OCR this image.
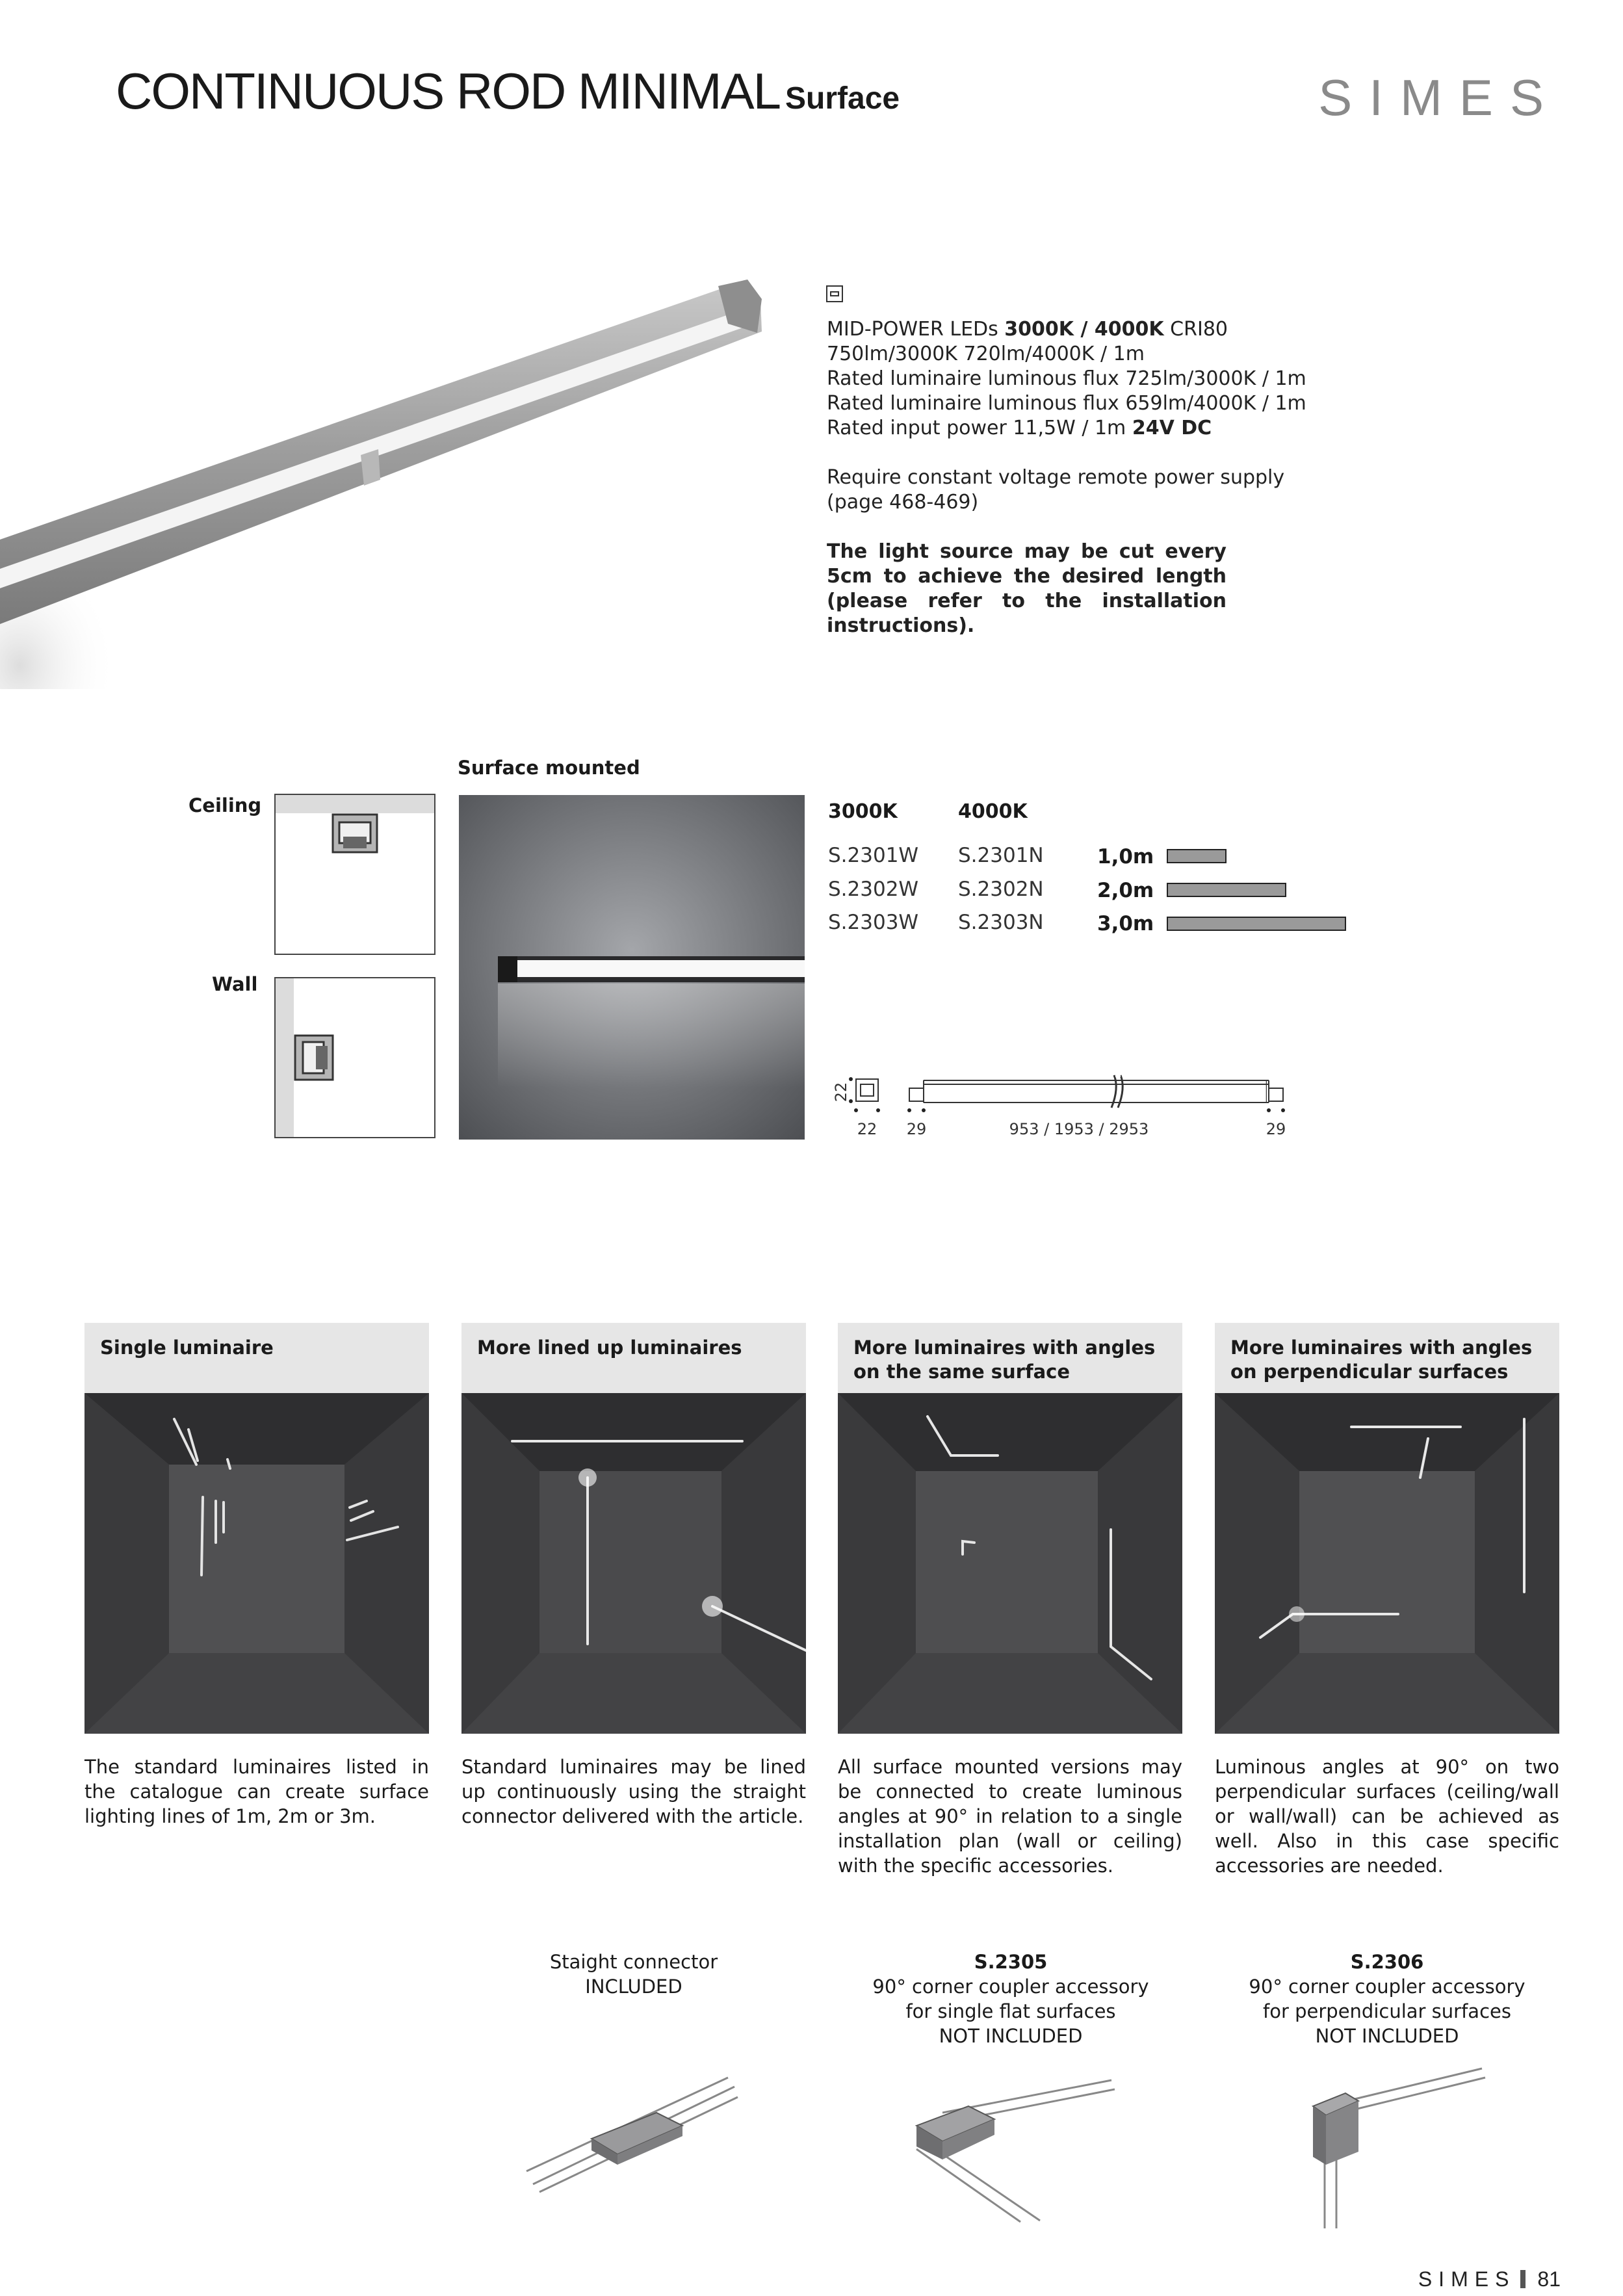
CONTINUOUS ROD MINIMAL Surface	SIMES
MID-POWER LEDs 3000K / 4000K CRI80
750lm/3000K 720lm/4000K / 1m
Rated luminaire luminous flux 725lm/3000K / 1m
Rated luminaire luminous flux 659lm/4000K / 1m
Rated input power 11,5W / 1m 24V DC
Require constant voltage remote power supply
(page 468-469)
The light source may be cut every 5cm to achieve the desired length (please refer to the installation instructions).
Surface mounted
Ceiling
Wall
3000K	4000K
S.2301W S.2301N	1,0m
S.2302W S.2302N	2,0m
S.2303W S.2303N	3,0m
22
22 29	953 / 1953 / 2953	29
Single luminaire
The standard luminaires listed in the catalogue can create surface lighting lines of 1m, 2m or 3m.
More lined up luminaires
Standard luminaires may be lined up continuously using the straight connector delivered with the article.
More luminaires with angles on the same surface
All surface mounted versions may be connected to create luminous angles at 90° in relation to a single installation plan (wall or ceiling) with the specific accessories.
More luminaires with angles on perpendicular surfaces
Luminous angles at 90° on two perpendicular surfaces (ceiling/wall or wall/wall) can be achieved as well. Also in this case specific accessories are needed.
Staight connector
INCLUDED
S.2305
90° corner coupler accessory
for single flat surfaces
NOT INCLUDED
S.2306
90° corner coupler accessory
for perpendicular surfaces
NOT INCLUDED
SIMES 81
